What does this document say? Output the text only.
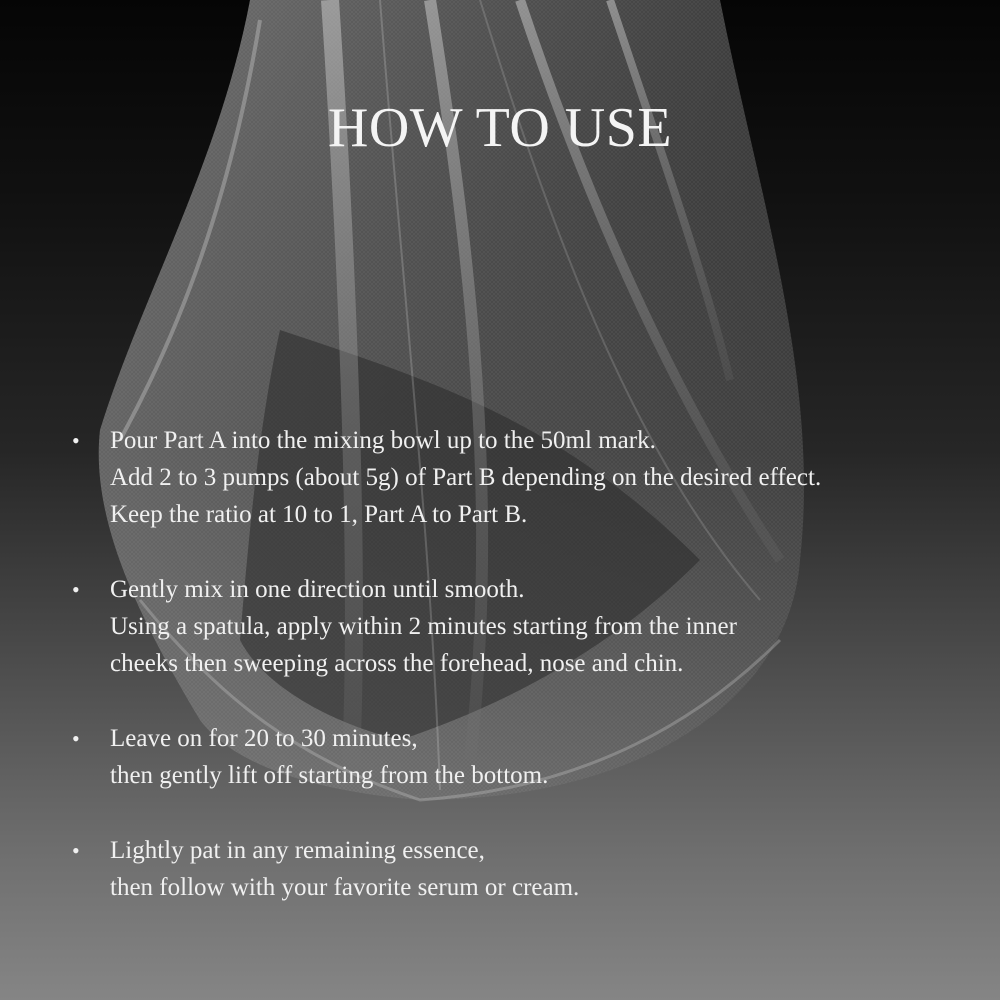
HOW TO USE
• Pour Part A into the mixing bowl up to the 50ml mark.
Add 2 to 3 pumps (about 5g) of Part B depending on the desired effect.
Keep the ratio at 10 to 1, Part A to Part B.
• Gently mix in one direction until smooth.
Using a spatula, apply within 2 minutes starting from the inner
cheeks then sweeping across the forehead, nose and chin.
• Leave on for 20 to 30 minutes,
then gently lift off starting from the bottom.
• Lightly pat in any remaining essence,
then follow with your favorite serum or cream.
